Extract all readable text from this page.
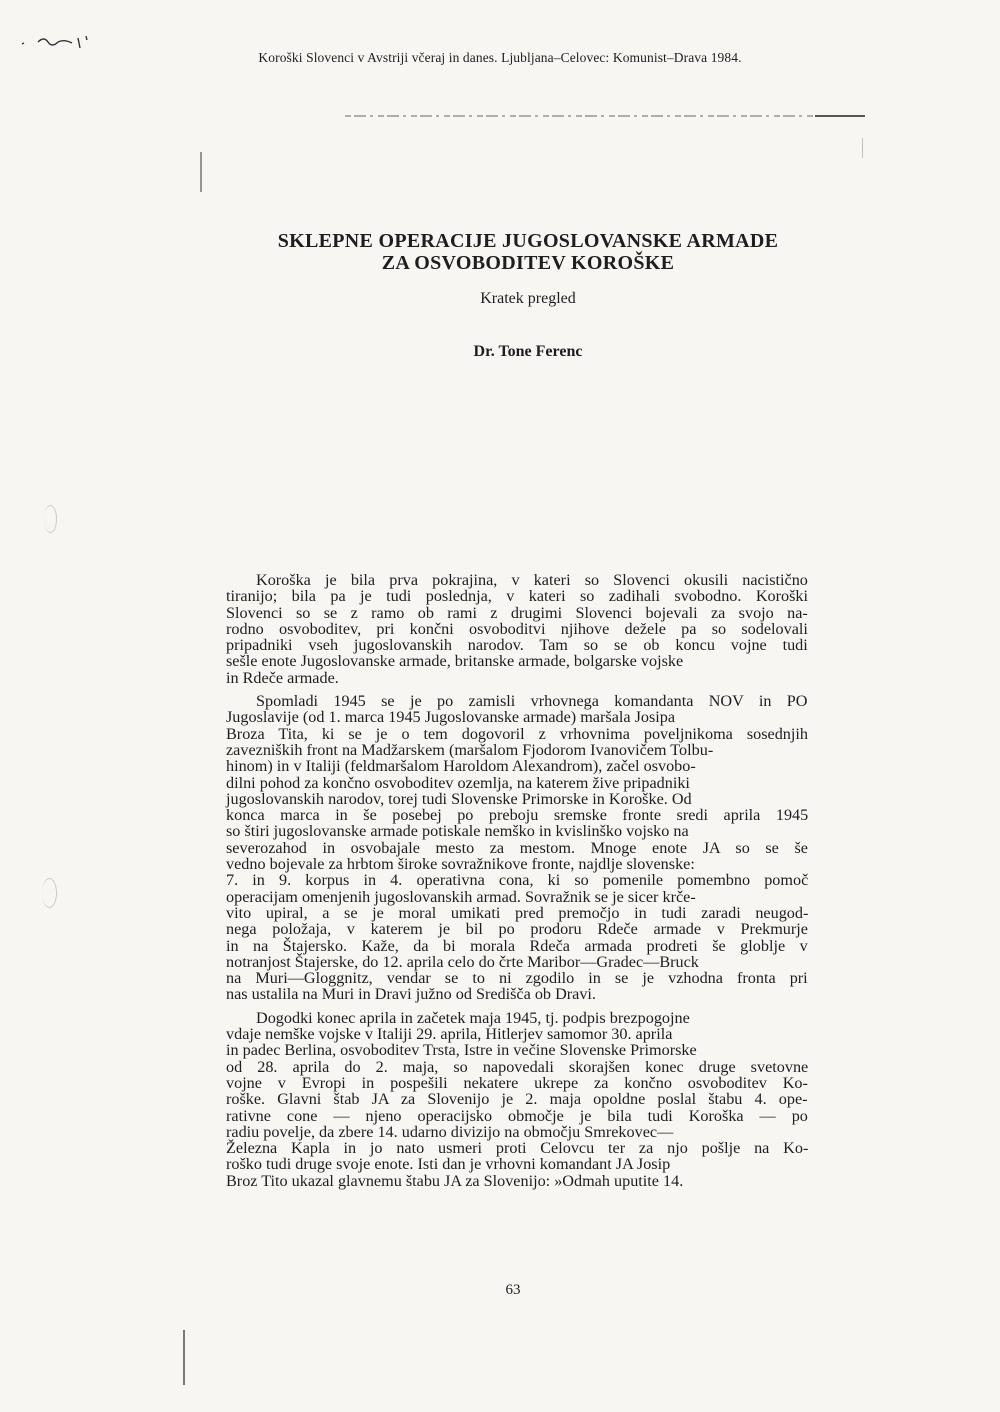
Koroški Slovenci v Avstriji včeraj in danes. Ljubljana–Celovec: Komunist–Drava 1984.
SKLEPNE OPERACIJE JUGOSLOVANSKE ARMADE
ZA OSVOBODITEV KOROŠKE
Kratek pregled
Dr. Tone Ferenc

Koroška je bila prva pokrajina, v kateri so Slovenci okusili nacistično
tiranijo; bila pa je tudi poslednja, v kateri so zadihali svobodno. Koroški
Slovenci so se z ramo ob rami z drugimi Slovenci bojevali za svojo na-
rodno osvoboditev, pri končni osvoboditvi njihove dežele pa so sodelovali
pripadniki vseh jugoslovanskih narodov. Tam so se ob koncu vojne tudi
sešle enote Jugoslovanske armade, britanske armade, bolgarske vojske
in Rdeče armade.

Spomladi 1945 se je po zamisli vrhovnega komandanta NOV in PO
Jugoslavije (od 1. marca 1945 Jugoslovanske armade) maršala Josipa
Broza Tita, ki se je o tem dogovoril z vrhovnima poveljnikoma sosednjih
zavezniških front na Madžarskem (maršalom Fjodorom Ivanovičem Tolbu-
hinom) in v Italiji (feldmaršalom Haroldom Alexandrom), začel osvobo-
dilni pohod za končno osvoboditev ozemlja, na katerem žive pripadniki
jugoslovanskih narodov, torej tudi Slovenske Primorske in Koroške. Od
konca marca in še posebej po preboju sremske fronte sredi aprila 1945
so štiri jugoslovanske armade potiskale nemško in kvislinško vojsko na
severozahod in osvobajale mesto za mestom. Mnoge enote JA so se še
vedno bojevale za hrbtom široke sovražnikove fronte, najdlje slovenske:
7. in 9. korpus in 4. operativna cona, ki so pomenile pomembno pomoč
operacijam omenjenih jugoslovanskih armad. Sovražnik se je sicer krče-
vito upiral, a se je moral umikati pred premočjo in tudi zaradi neugod-
nega položaja, v katerem je bil po prodoru Rdeče armade v Prekmurje
in na Štajersko. Kaže, da bi morala Rdeča armada prodreti še globlje v
notranjost Štajerske, do 12. aprila celo do črte Maribor—Gradec—Bruck
na Muri—Gloggnitz, vendar se to ni zgodilo in se je vzhodna fronta pri
nas ustalila na Muri in Dravi južno od Središča ob Dravi.

Dogodki konec aprila in začetek maja 1945, tj. podpis brezpogojne
vdaje nemške vojske v Italiji 29. aprila, Hitlerjev samomor 30. aprila
in padec Berlina, osvoboditev Trsta, Istre in večine Slovenske Primorske
od 28. aprila do 2. maja, so napovedali skorajšen konec druge svetovne
vojne v Evropi in pospešili nekatere ukrepe za končno osvoboditev Ko-
roške. Glavni štab JA za Slovenijo je 2. maja opoldne poslal štabu 4. ope-
rativne cone — njeno operacijsko območje je bila tudi Koroška — po
radiu povelje, da zbere 14. udarno divizijo na območju Smrekovec—
Železna Kapla in jo nato usmeri proti Celovcu ter za njo pošlje na Ko-
roško tudi druge svoje enote. Isti dan je vrhovni komandant JA Josip
Broz Tito ukazal glavnemu štabu JA za Slovenijo: »Odmah uputite 14.

63
